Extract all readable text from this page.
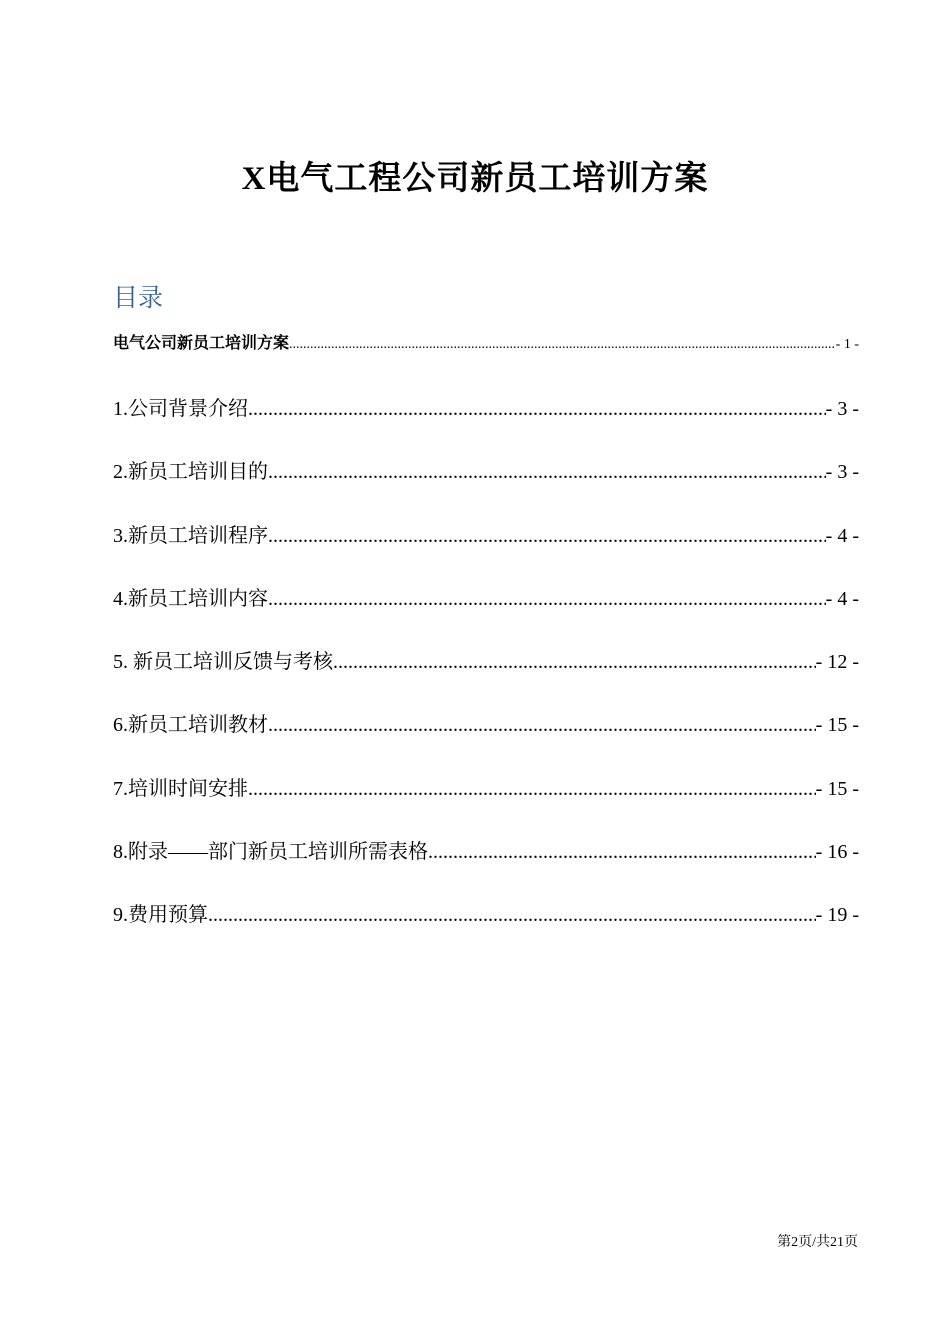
X电气工程公司新员工培训方案
目录
电气公司新员工培训方案 .....	- 1 -
1.公司背景介绍 .....	- 3 -
2.新员工培训目的 .....	- 3 -
3.新员工培训程序 .....	- 4 -
4.新员工培训内容 .....	- 4 -
5. 新员工培训反馈与考核 .....	- 12 -
6.新员工培训教材 .....	- 15 -
7.培训时间安排 .....	- 15 -
8.附录——部门新员工培训所需表格 .....	- 16 -
9.费用预算 .....	- 19 -
第2页/共21页
